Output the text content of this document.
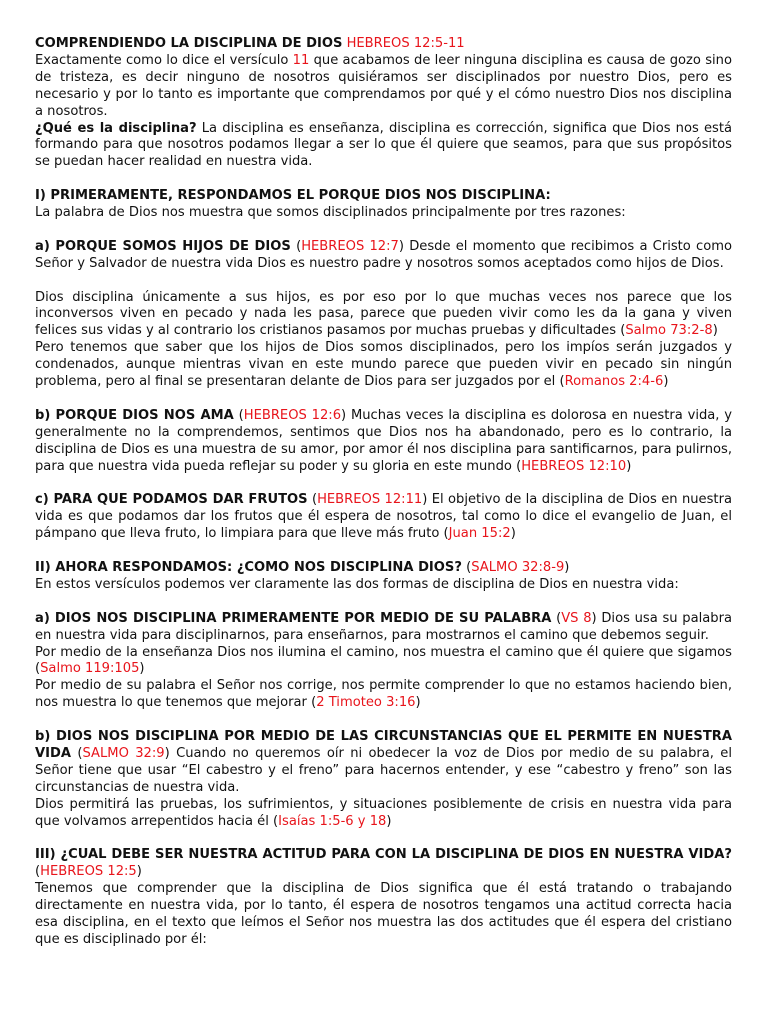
COMPRENDIENDO LA DISCIPLINA DE DIOS HEBREOS 12:5-11

Exactamente como lo dice el versículo 11 que acabamos de leer ninguna disciplina es causa de gozo sino de tristeza, es decir ninguno de nosotros quisiéramos ser disciplinados por nuestro Dios, pero es necesario y por lo tanto es importante que comprendamos por qué y el cómo nuestro Dios nos disciplina a nosotros.

¿Qué es la disciplina? La disciplina es enseñanza, disciplina es corrección, significa que Dios nos está formando para que nosotros podamos llegar a ser lo que él quiere que seamos, para que sus propósitos se puedan hacer realidad en nuestra vida.

I) PRIMERAMENTE, RESPONDAMOS EL PORQUE DIOS NOS DISCIPLINA:

La palabra de Dios nos muestra que somos disciplinados principalmente por tres razones:

a) PORQUE SOMOS HIJOS DE DIOS (HEBREOS 12:7) Desde el momento que recibimos a Cristo como Señor y Salvador de nuestra vida Dios es nuestro padre y nosotros somos aceptados como hijos de Dios.

Dios disciplina únicamente a sus hijos, es por eso por lo que muchas veces nos parece que los inconversos viven en pecado y nada les pasa, parece que pueden vivir como les da la gana y viven felices sus vidas y al contrario los cristianos pasamos por muchas pruebas y dificultades (Salmo 73:2-8)

Pero tenemos que saber que los hijos de Dios somos disciplinados, pero los impíos serán juzgados y condenados, aunque mientras vivan en este mundo parece que pueden vivir en pecado sin ningún problema, pero al final se presentaran delante de Dios para ser juzgados por el (Romanos 2:4-6)

b) PORQUE DIOS NOS AMA (HEBREOS 12:6) Muchas veces la disciplina es dolorosa en nuestra vida, y generalmente no la comprendemos, sentimos que Dios nos ha abandonado, pero es lo contrario, la disciplina de Dios es una muestra de su amor, por amor él nos disciplina para santificarnos, para pulirnos, para que nuestra vida pueda reflejar su poder y su gloria en este mundo (HEBREOS 12:10)

c) PARA QUE PODAMOS DAR FRUTOS (HEBREOS 12:11) El objetivo de la disciplina de Dios en nuestra vida es que podamos dar los frutos que él espera de nosotros, tal como lo dice el evangelio de Juan, el pámpano que lleva fruto, lo limpiara para que lleve más fruto (Juan 15:2)

II) AHORA RESPONDAMOS: ¿COMO NOS DISCIPLINA DIOS? (SALMO 32:8-9)

En estos versículos podemos ver claramente las dos formas de disciplina de Dios en nuestra vida:

a) DIOS NOS DISCIPLINA PRIMERAMENTE POR MEDIO DE SU PALABRA (VS 8) Dios usa su palabra en nuestra vida para disciplinarnos, para enseñarnos, para mostrarnos el camino que debemos seguir.

Por medio de la enseñanza Dios nos ilumina el camino, nos muestra el camino que él quiere que sigamos (Salmo 119:105)

Por medio de su palabra el Señor nos corrige, nos permite comprender lo que no estamos haciendo bien, nos muestra lo que tenemos que mejorar (2 Timoteo 3:16)

b) DIOS NOS DISCIPLINA POR MEDIO DE LAS CIRCUNSTANCIAS QUE EL PERMITE EN NUESTRA VIDA (SALMO 32:9) Cuando no queremos oír ni obedecer la voz de Dios por medio de su palabra, el Señor tiene que usar “El cabestro y el freno” para hacernos entender, y ese “cabestro y freno” son las circunstancias de nuestra vida.

Dios permitirá las pruebas, los sufrimientos, y situaciones posiblemente de crisis en nuestra vida para que volvamos arrepentidos hacia él (Isaías 1:5-6 y 18)

III) ¿CUAL DEBE SER NUESTRA ACTITUD PARA CON LA DISCIPLINA DE DIOS EN NUESTRA VIDA? (HEBREOS 12:5)

Tenemos que comprender que la disciplina de Dios significa que él está tratando o trabajando directamente en nuestra vida, por lo tanto, él espera de nosotros tengamos una actitud correcta hacia esa disciplina, en el texto que leímos el Señor nos muestra las dos actitudes que él espera del cristiano que es disciplinado por él:
